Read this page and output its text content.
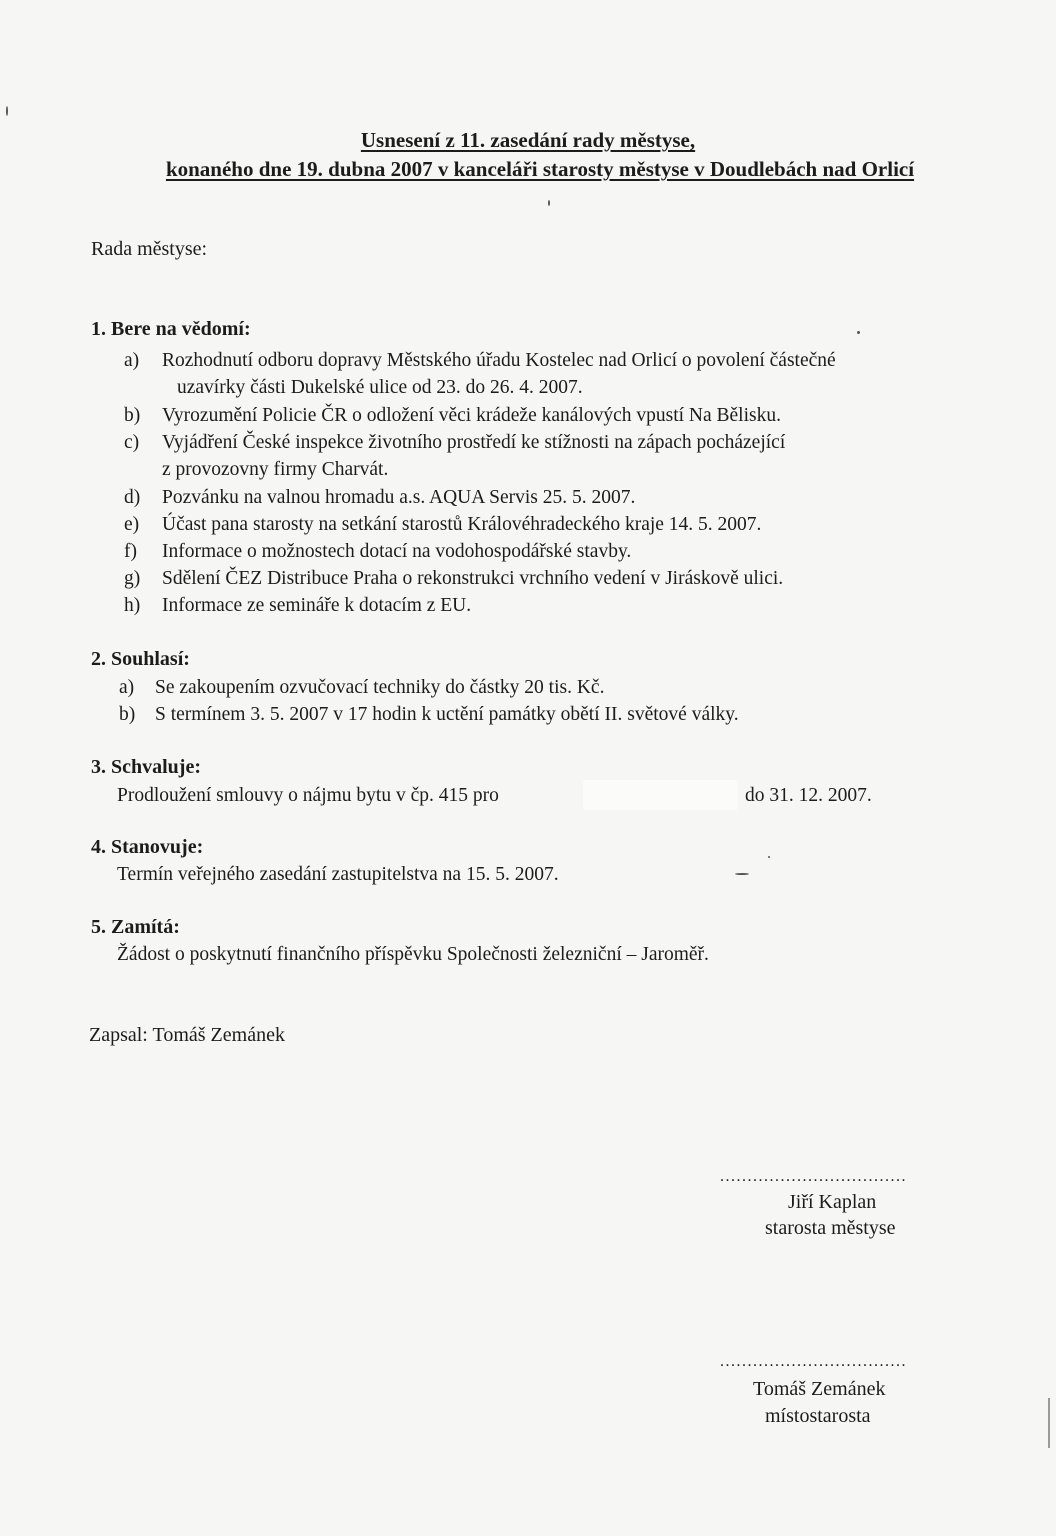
Usnesení z 11. zasedání rady městyse,
konaného dne 19. dubna 2007 v kanceláři starosty městyse v Doudlebách nad Orlicí
Rada městyse:
1. Bere na vědomí:
a) Rozhodnutí odboru dopravy Městského úřadu Kostelec nad Orlicí o povolení částečné
uzavírky části Dukelské ulice od 23. do 26. 4. 2007.
b) Vyrozumění Policie ČR o odložení věci krádeže kanálových vpustí Na Bělisku.
c) Vyjádření České inspekce životního prostředí ke stížnosti na zápach pocházející
z provozovny firmy Charvát.
d) Pozvánku na valnou hromadu a.s. AQUA Servis 25. 5. 2007.
e) Účast pana starosty na setkání starostů Královéhradeckého kraje 14. 5. 2007.
f) Informace o možnostech dotací na vodohospodářské stavby.
g) Sdělení ČEZ Distribuce Praha o rekonstrukci vrchního vedení v Jiráskově ulici.
h) Informace ze semináře k dotacím z EU.
2. Souhlasí:
a) Se zakoupením ozvučovací techniky do částky 20 tis. Kč.
b) S termínem 3. 5. 2007 v 17 hodin k uctění památky obětí II. světové války.
3. Schvaluje:
Prodloužení smlouvy o nájmu bytu v čp. 415 pro	do 31. 12. 2007.
4. Stanovuje:
Termín veřejného zasedání zastupitelstva na 15. 5. 2007.
5. Zamítá:
Žádost o poskytnutí finančního příspěvku Společnosti železniční – Jaroměř.
Zapsal: Tomáš Zemánek
..................................
Jiří Kaplan
starosta městyse
..................................
Tomáš Zemánek
místostarosta
